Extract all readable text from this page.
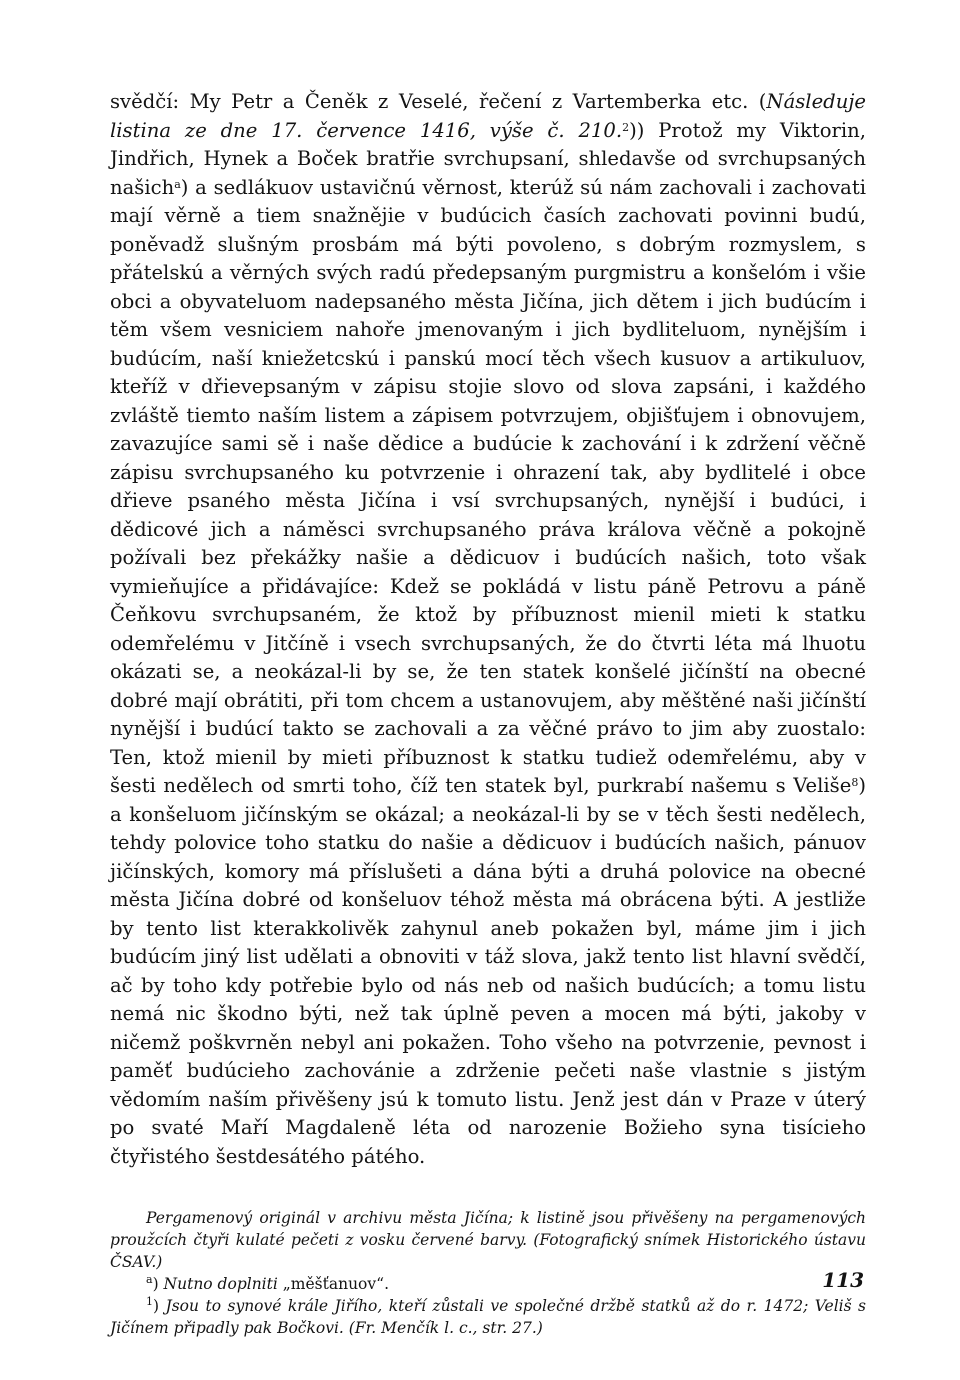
svědčí: My Petr a Čeněk z Veselé, řečení z Vartemberka etc. (Následuje listina ze dne 17. července 1416, výše č. 210.$^2$)) Protož my Viktorin, Jindřich, Hynek a Boček bratřie svrchupsaní, shledavše od svrchupsaných našich$^a$) a sedlákuov ustavičnú věrnost, kterúž sú nám zachovali i zachovati mají věrně a tiem snažnějie v budúcich časích zachovati povinni budú, poněvadž slušným prosbám má býti povoleno, s dobrým rozmyslem, s přátelskú a věrných svých radú předepsaným purgmistru a konšelóm i všie obci a obyvateluom nadepsaného města Jičína, jich dětem i jich budúcím i těm všem vesniciem nahoře jmenovaným i jich bydliteluom, nynějším i budúcím, naší kniežetcskú i panskú mocí těch všech kusuov a artikuluov, kteříž v dřievepsaným v zápisu stojie slovo od slova zapsáni, i každého zvláště tiemto naším listem a zápisem potvrzujem, objišťujem i obnovujem, zavazujíce sami sě i naše dědice a budúcie k zachování i k zdržení věčně zápisu svrchupsaného ku potvrzenie i ohrazení tak, aby bydlitelé i obce dřieve psaného města Jičína i vsí svrchupsaných, nynější i budúci, i dědicové jich a náměsci svrchupsaného práva králova věčně a pokojně požívali bez překážky našie a dědicuov i budúcích našich, toto však vymieňujíce a přidávajíce: Kdež se pokládá v listu páně Petrovu a páně Čeňkovu svrchupsaném, že ktož by příbuznost mienil mieti k statku odemřelému v Jitčíně i vsech svrchupsaných, že do čtvrti léta má lhuotu okázati se, a neokázal-li by se, že ten statek konšelé jičínští na obecné dobré mají obrátiti, při tom chcem a ustanovujem, aby měštěné naši jičínští nynější i budúcí takto se zachovali a za věčné právo to jim aby zuostalo: Ten, ktož mienil by mieti příbuznost k statku tudiež odemřelému, aby v šesti nedělech od smrti toho, číž ten statek byl, purkrabí našemu s Veliše$^8$) a konšeluom jičínským se okázal; a neokázal-li by se v těch šesti nedělech, tehdy polovice toho statku do našie a dědicuov i budúcích našich, pánuov jičínských, komory má příslušeti a dána býti a druhá polovice na obecné města Jičína dobré od konšeluov téhož města má obrácena býti. A jestliže by tento list kterakkolivěk zahynul aneb pokažen byl, máme jim i jich budúcím jiný list udělati a obnoviti v táž slova, jakž tento list hlavní svědčí, ač by toho kdy potřebie bylo od nás neb od našich budúcích; a tomu listu nemá nic škodno býti, než tak úplně peven a mocen má býti, jakoby v ničemž poškvrněn nebyl ani pokažen. Toho všeho na potvrzenie, pevnost i paměť budúcieho zachovánie a zdrženie pečeti naše vlastnie s jistým vědomím naším přivěšeny jsú k tomuto listu. Jenž jest dán v Praze v úterý po svaté Maří Magdaleně léta od narozenie Božieho syna tisícieho čtyřistého šestdesátého pátého.

Pergamenový originál v archivu města Jičína; k listině jsou přivěšeny na pergamenových proužcích čtyři kulaté pečeti z vosku červené barvy. (Fotografický snímek Historického ústavu ČSAV.)

$^a$) Nutno doplniti „měšťanuov“.

$^1$) Jsou to synové krále Jiřího, kteří zůstali ve společné držbě statků až do r. 1472; Veliš s Jičínem připadly pak Bočkovi. (Fr. Menčík l. c., str. 27.)

113
